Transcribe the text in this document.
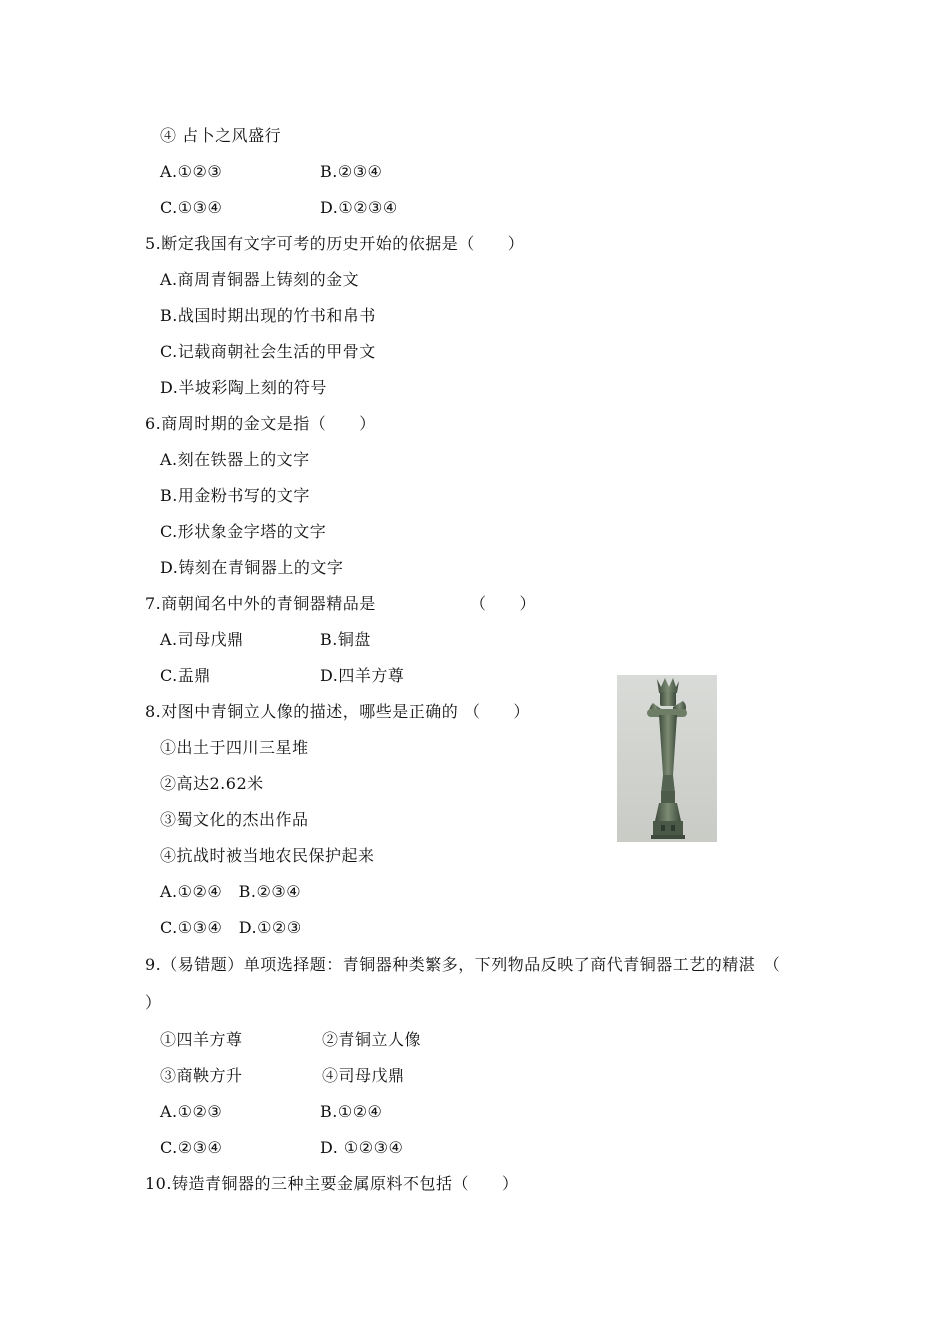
④ 占卜之风盛行
A.①②③	B.②③④
C.①③④	D.①②③④
5.断定我国有文字可考的历史开始的依据是（　　）
A.商周青铜器上铸刻的金文
B.战国时期出现的竹书和帛书
C.记载商朝社会生活的甲骨文
D.半坡彩陶上刻的符号
6.商周时期的金文是指（　　）
A.刻在铁器上的文字
B.用金粉书写的文字
C.形状象金字塔的文字
D.铸刻在青铜器上的文字
7.商朝闻名中外的青铜器精品是	（　　）
A.司母戊鼎	B.铜盘
C.盂鼎	D.四羊方尊
8.对图中青铜立人像的描述，哪些是正确的 （　　）
①出土于四川三星堆
②高达2.62米
③蜀文化的杰出作品
④抗战时被当地农民保护起来
A.①②④　B.②③④
C.①③④　D.①②③
9.（易错题）单项选择题：青铜器种类繁多，下列物品反映了商代青铜器工艺的精湛　（
）
①四羊方尊	②青铜立人像
③商鞅方升	④司母戊鼎
A.①②③	B.①②④
C.②③④	D. ①②③④
10.铸造青铜器的三种主要金属原料不包括（　　）
